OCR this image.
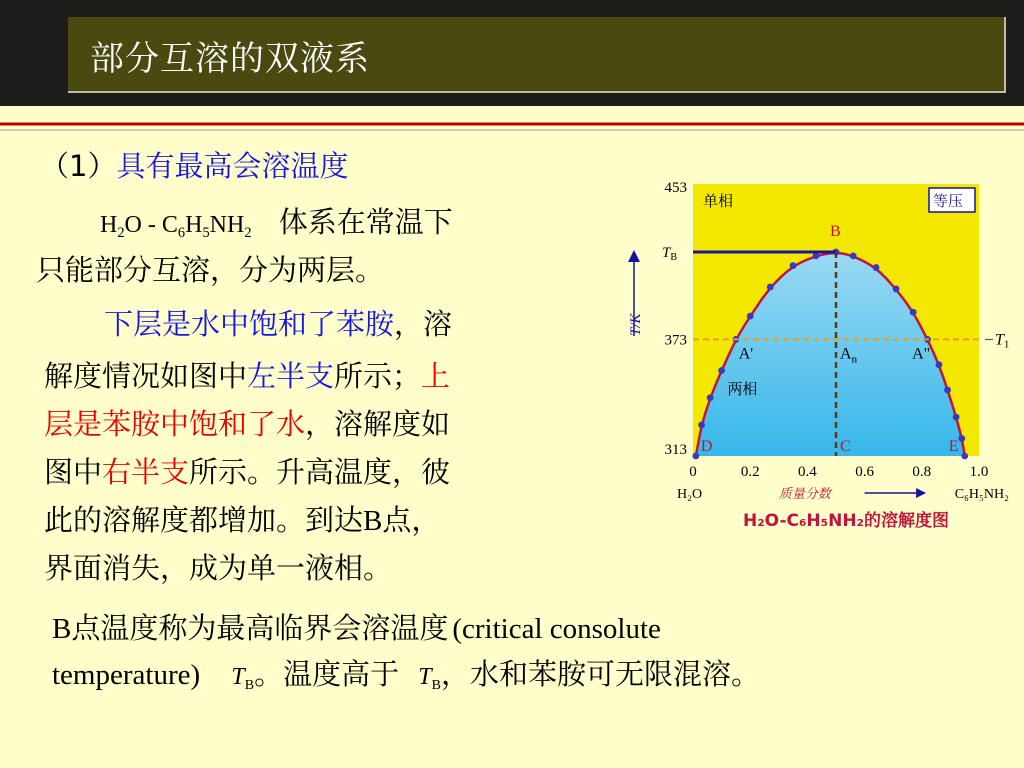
部分互溶的双液系
（1）具有最高会溶温度
$H_2O - C_6H_5NH_2$ 体系在常温下
只能部分互溶，分为两层。
下层是水中饱和了苯胺，溶
解度情况如图中左半支所示；上
层是苯胺中饱和了水，溶解度如
图中右半支所示。升高温度，彼
此的溶解度都增加。到达B点，
界面消失，成为单一液相。
B点温度称为最高临界会溶温度 (critical consolute
temperature) $T_B$。温度高于 $T_B$，水和苯胺可无限混溶。
A'	$A_n$	A"
B
D	C	E
单相	等压
两相
453
$T_B$
373
313
T/K
T1
0	0.2	0.4	0.6	0.8	1.0
H₂O	质量分数	C₆H₅NH₂
H₂O-C₆H₅NH₂的溶解度图
